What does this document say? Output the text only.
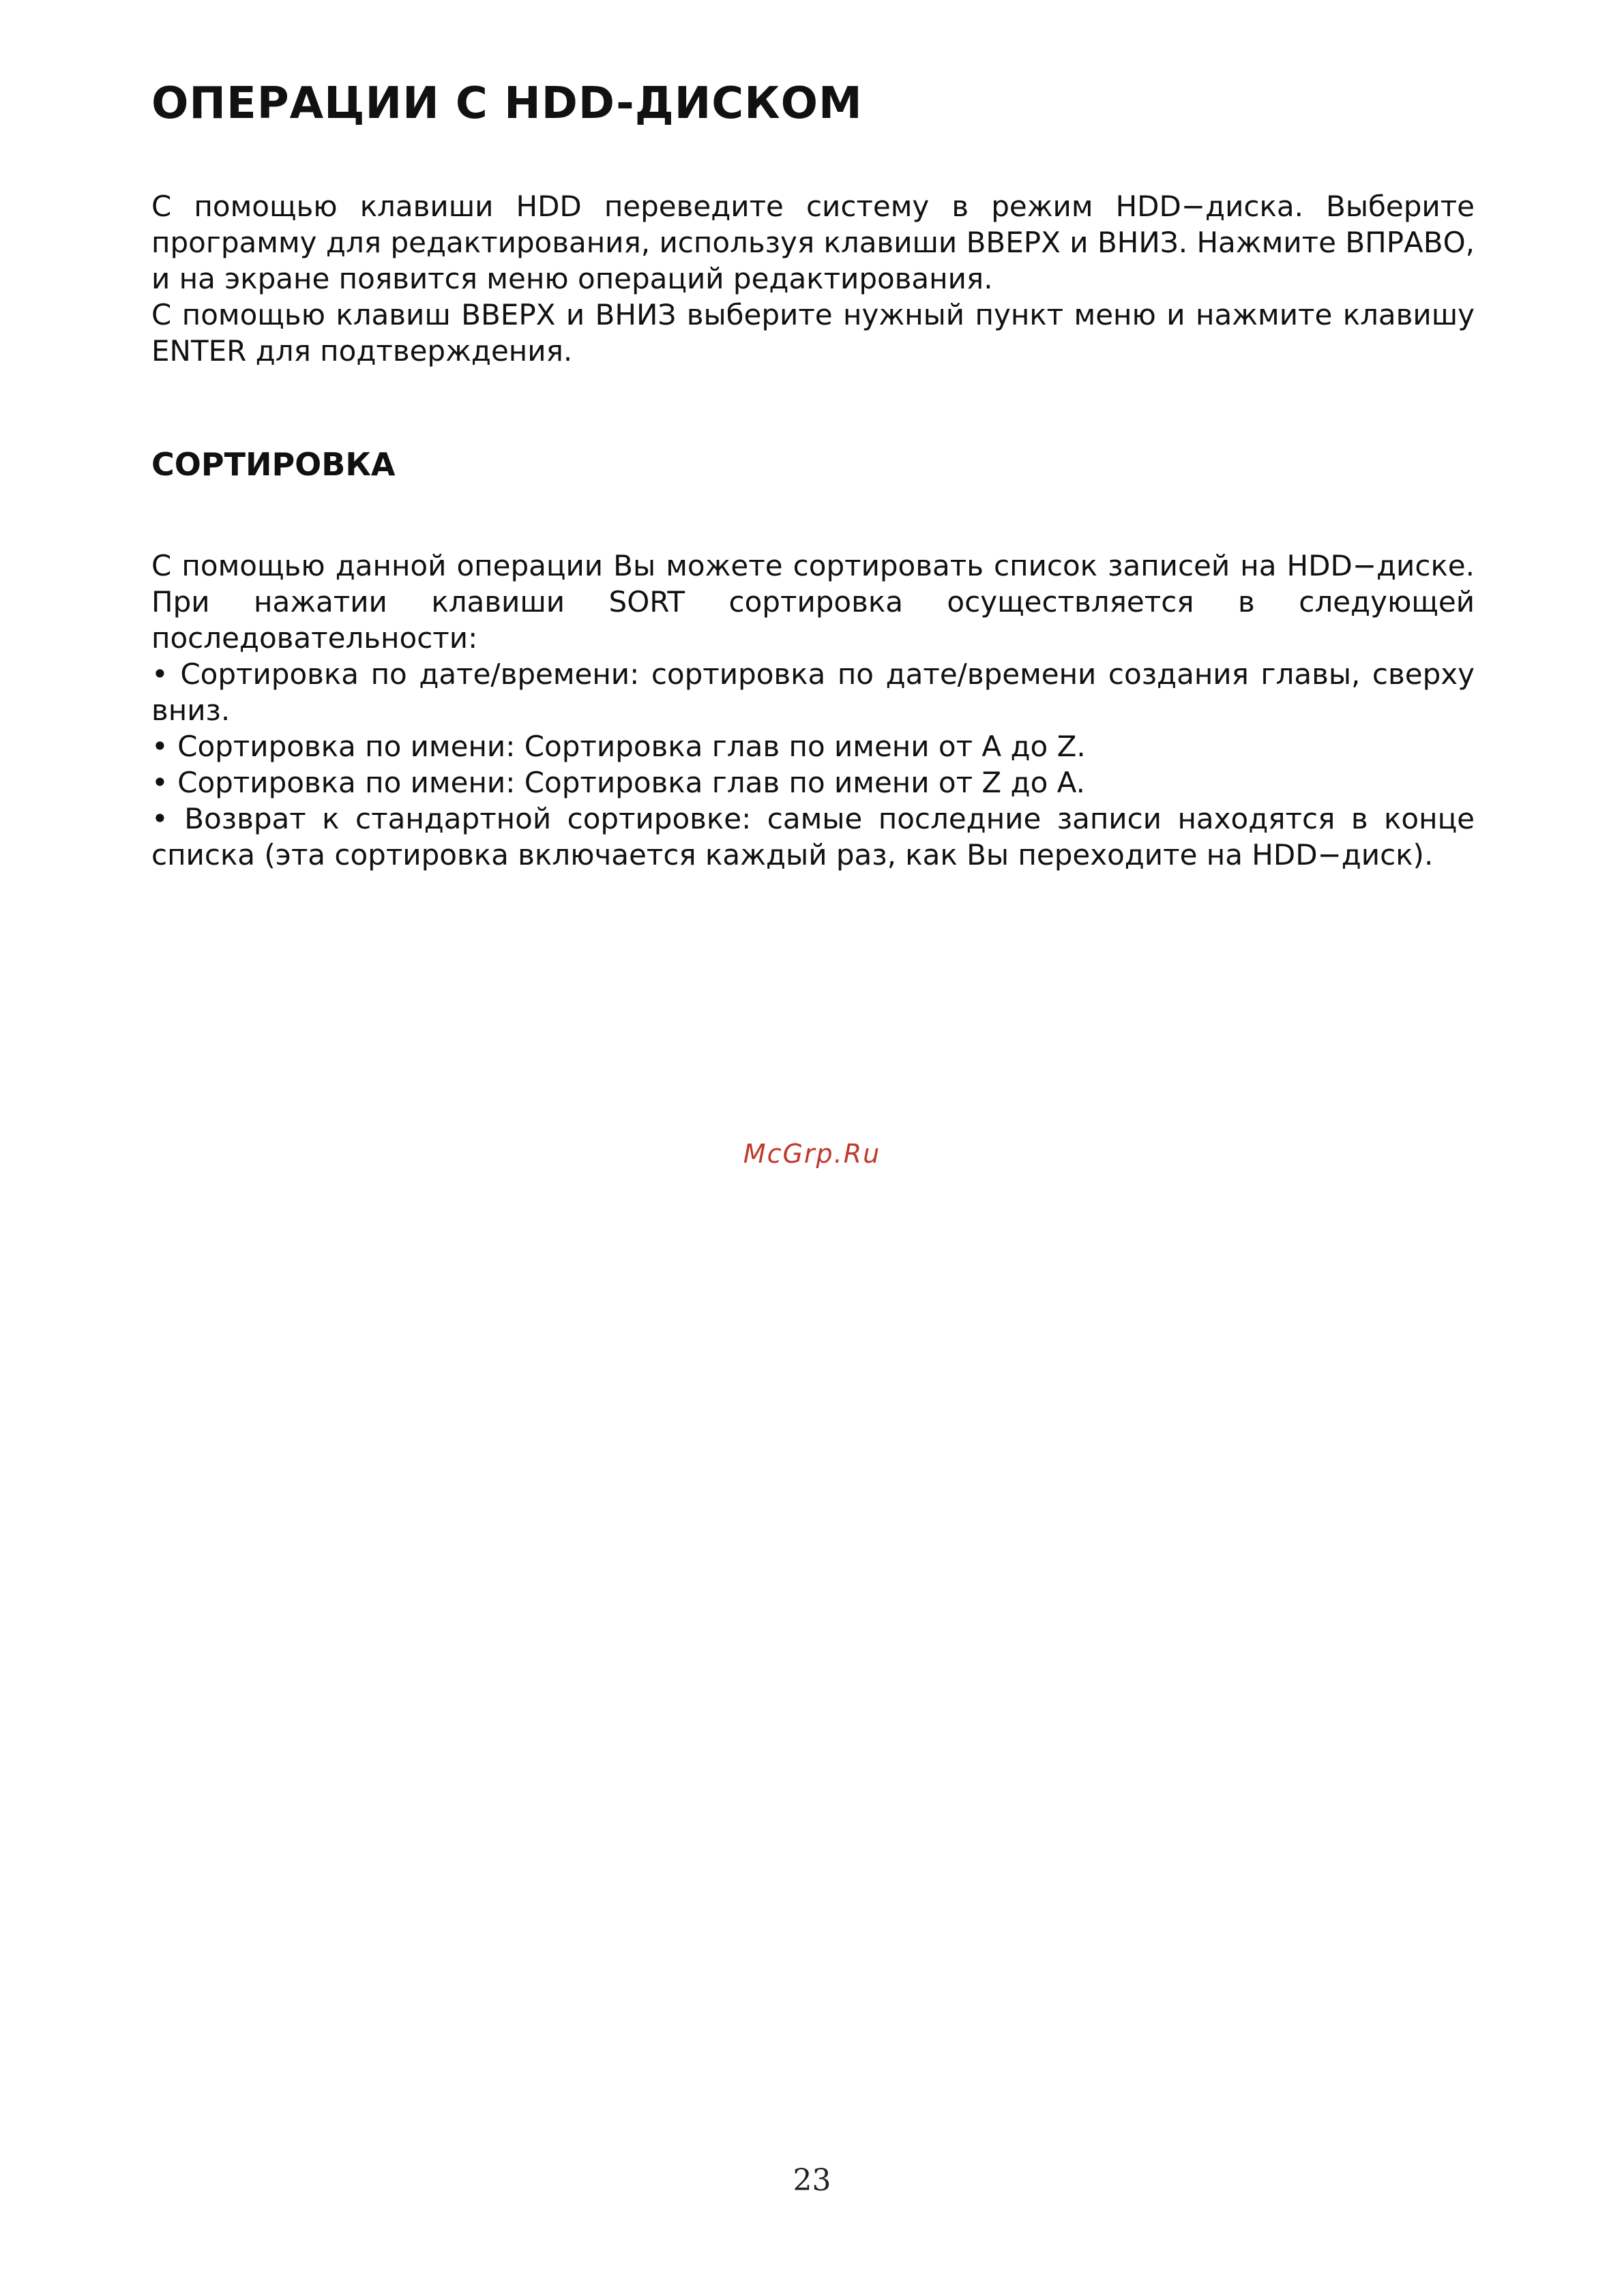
ОПЕРАЦИИ С HDD-ДИСКОМ

С помощью клавиши HDD переведите систему в режим HDD−диска. Выберите программу для редактирования, используя клавиши ВВЕРХ и ВНИЗ. Нажмите ВПРАВО, и на экране появится меню операций редактирования.

С помощью клавиш ВВЕРХ и ВНИЗ выберите нужный пункт меню и нажмите клавишу ENTER для подтверждения.

СОРТИРОВКА

С помощью данной операции Вы можете сортировать список записей на HDD−диске. При нажатии клавиши SORT сортировка осуществляется в следующей последовательности:

• Сортировка по дате/времени: сортировка по дате/времени создания главы, сверху вниз.

• Сортировка по имени: Сортировка глав по имени от A до Z.

• Сортировка по имени: Сортировка глав по имени от Z до A.

• Возврат к стандартной сортировке: самые последние записи находятся в конце списка (эта сортировка включается каждый раз, как Вы переходите на HDD−диск).

McGrp.Ru
23
